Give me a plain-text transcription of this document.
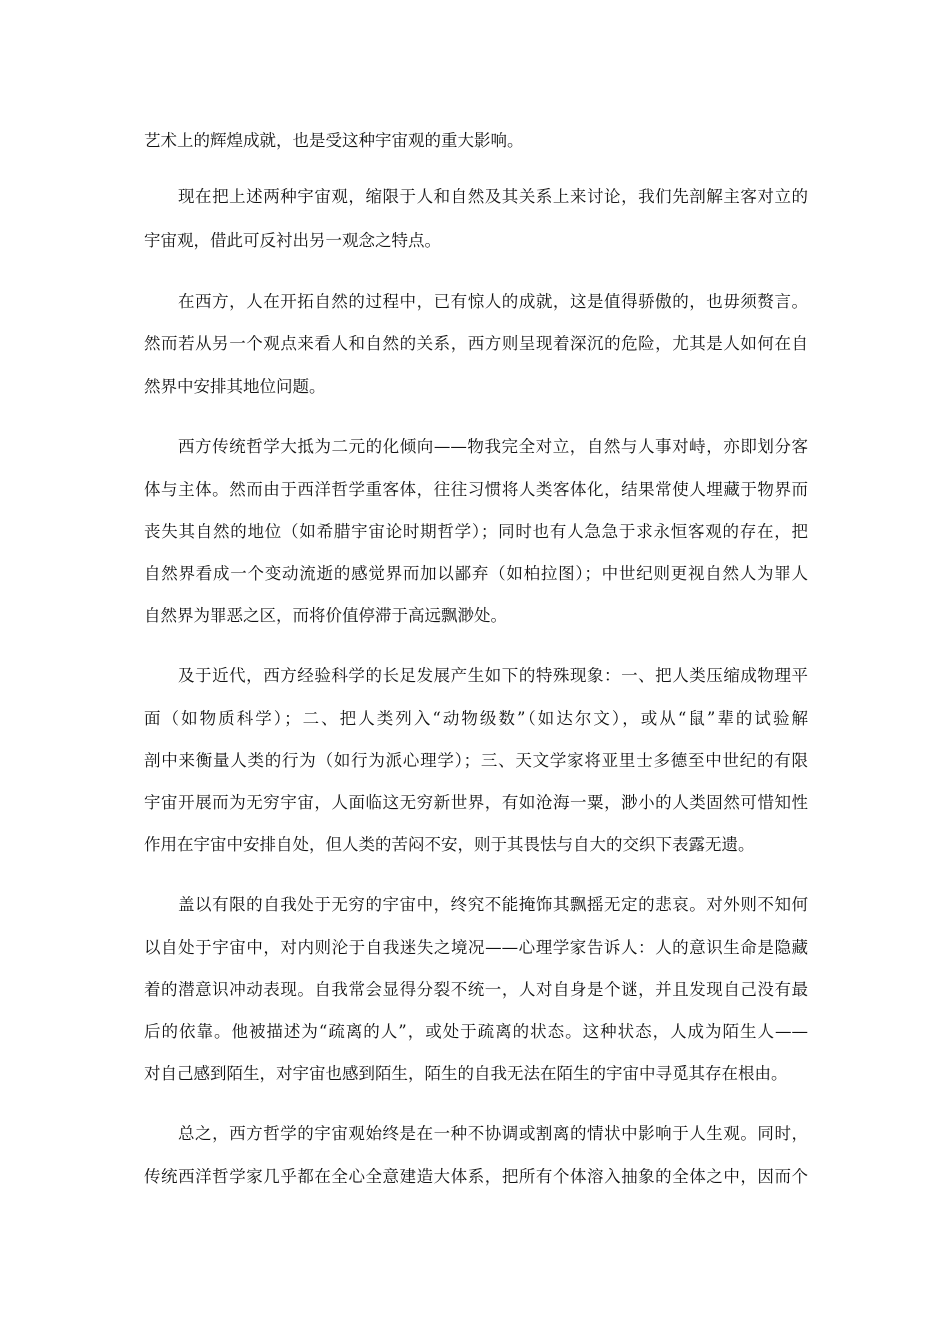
艺术上的辉煌成就，也是受这种宇宙观的重大影响。
现在把上述两种宇宙观，缩限于人和自然及其关系上来讨论，我们先剖解主客对立的
宇宙观，借此可反衬出另一观念之特点。
在西方，人在开拓自然的过程中，已有惊人的成就，这是值得骄傲的，也毋须赘言。
然而若从另一个观点来看人和自然的关系，西方则呈现着深沉的危险，尤其是人如何在自
然界中安排其地位问题。
西方传统哲学大抵为二元的化倾向——物我完全对立，自然与人事对峙，亦即划分客
体与主体。然而由于西洋哲学重客体，往往习惯将人类客体化，结果常使人埋藏于物界而
丧失其自然的地位（如希腊宇宙论时期哲学）；同时也有人急急于求永恒客观的存在，把
自然界看成一个变动流逝的感觉界而加以鄙弃（如柏拉图）；中世纪则更视自然人为罪人
自然界为罪恶之区，而将价值停滞于高远飘渺处。
及于近代，西方经验科学的长足发展产生如下的特殊现象：一、把人类压缩成物理平
面（如物质科学）；二、把人类列入“动物级数”（如达尔文），或从“鼠”辈的试验解
剖中来衡量人类的行为（如行为派心理学）；三、天文学家将亚里士多德至中世纪的有限
宇宙开展而为无穷宇宙，人面临这无穷新世界，有如沧海一粟，渺小的人类固然可惜知性
作用在宇宙中安排自处，但人类的苦闷不安，则于其畏怯与自大的交织下表露无遗。
盖以有限的自我处于无穷的宇宙中，终究不能掩饰其飘摇无定的悲哀。对外则不知何
以自处于宇宙中，对内则沦于自我迷失之境况——心理学家告诉人：人的意识生命是隐藏
着的潜意识冲动表现。自我常会显得分裂不统一，人对自身是个谜，并且发现自己没有最
后的依靠。他被描述为“疏离的人”，或处于疏离的状态。这种状态，人成为陌生人——
对自己感到陌生，对宇宙也感到陌生，陌生的自我无法在陌生的宇宙中寻觅其存在根由。
总之，西方哲学的宇宙观始终是在一种不协调或割离的情状中影响于人生观。同时，
传统西洋哲学家几乎都在全心全意建造大体系，把所有个体溶入抽象的全体之中，因而个
